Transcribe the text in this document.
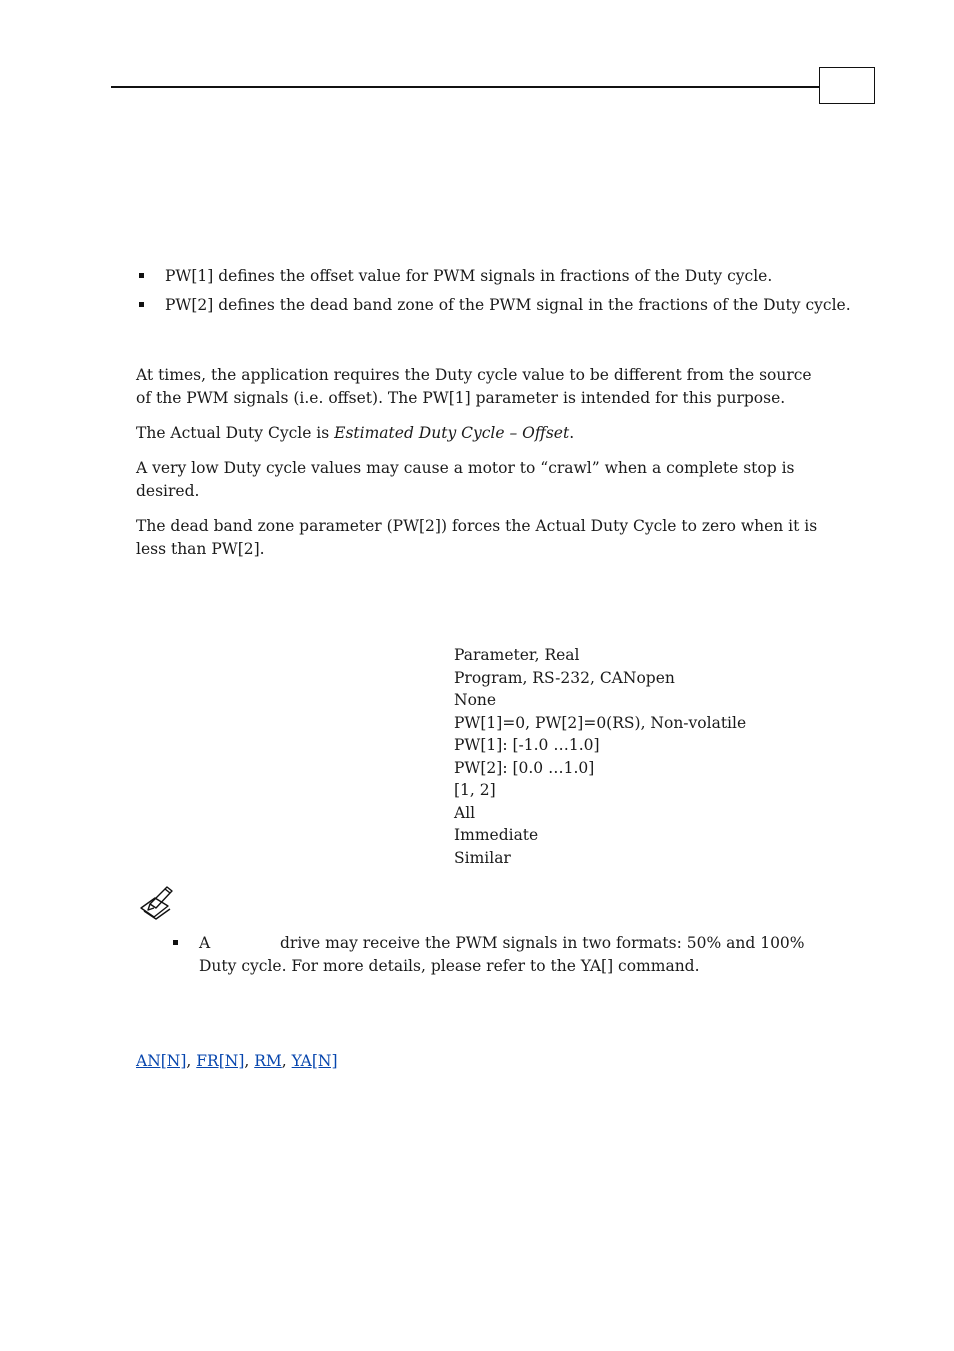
PW[1] defines the offset value for PWM signals in fractions of the Duty cycle.
PW[2] defines the dead band zone of the PWM signal in the fractions of the Duty cycle.
At times, the application requires the Duty cycle value to be different from the source
of the PWM signals (i.e. offset). The PW[1] parameter is intended for this purpose.
The Actual Duty Cycle is Estimated Duty Cycle – Offset.
A very low Duty cycle values may cause a motor to “crawl” when a complete stop is
desired.
The dead band zone parameter (PW[2]) forces the Actual Duty Cycle to zero when it is
less than PW[2].
Parameter, Real
Program, RS-232, CANopen
None
PW[1]=0, PW[2]=0(RS), Non-volatile
PW[1]: [-1.0 …1.0]
PW[2]: [0.0 …1.0]
[1, 2]
All
Immediate
Similar
A	drive may receive the PWM signals in two formats: 50% and 100%
Duty cycle. For more details, please refer to the YA[] command.
AN[N], FR[N], RM, YA[N]
